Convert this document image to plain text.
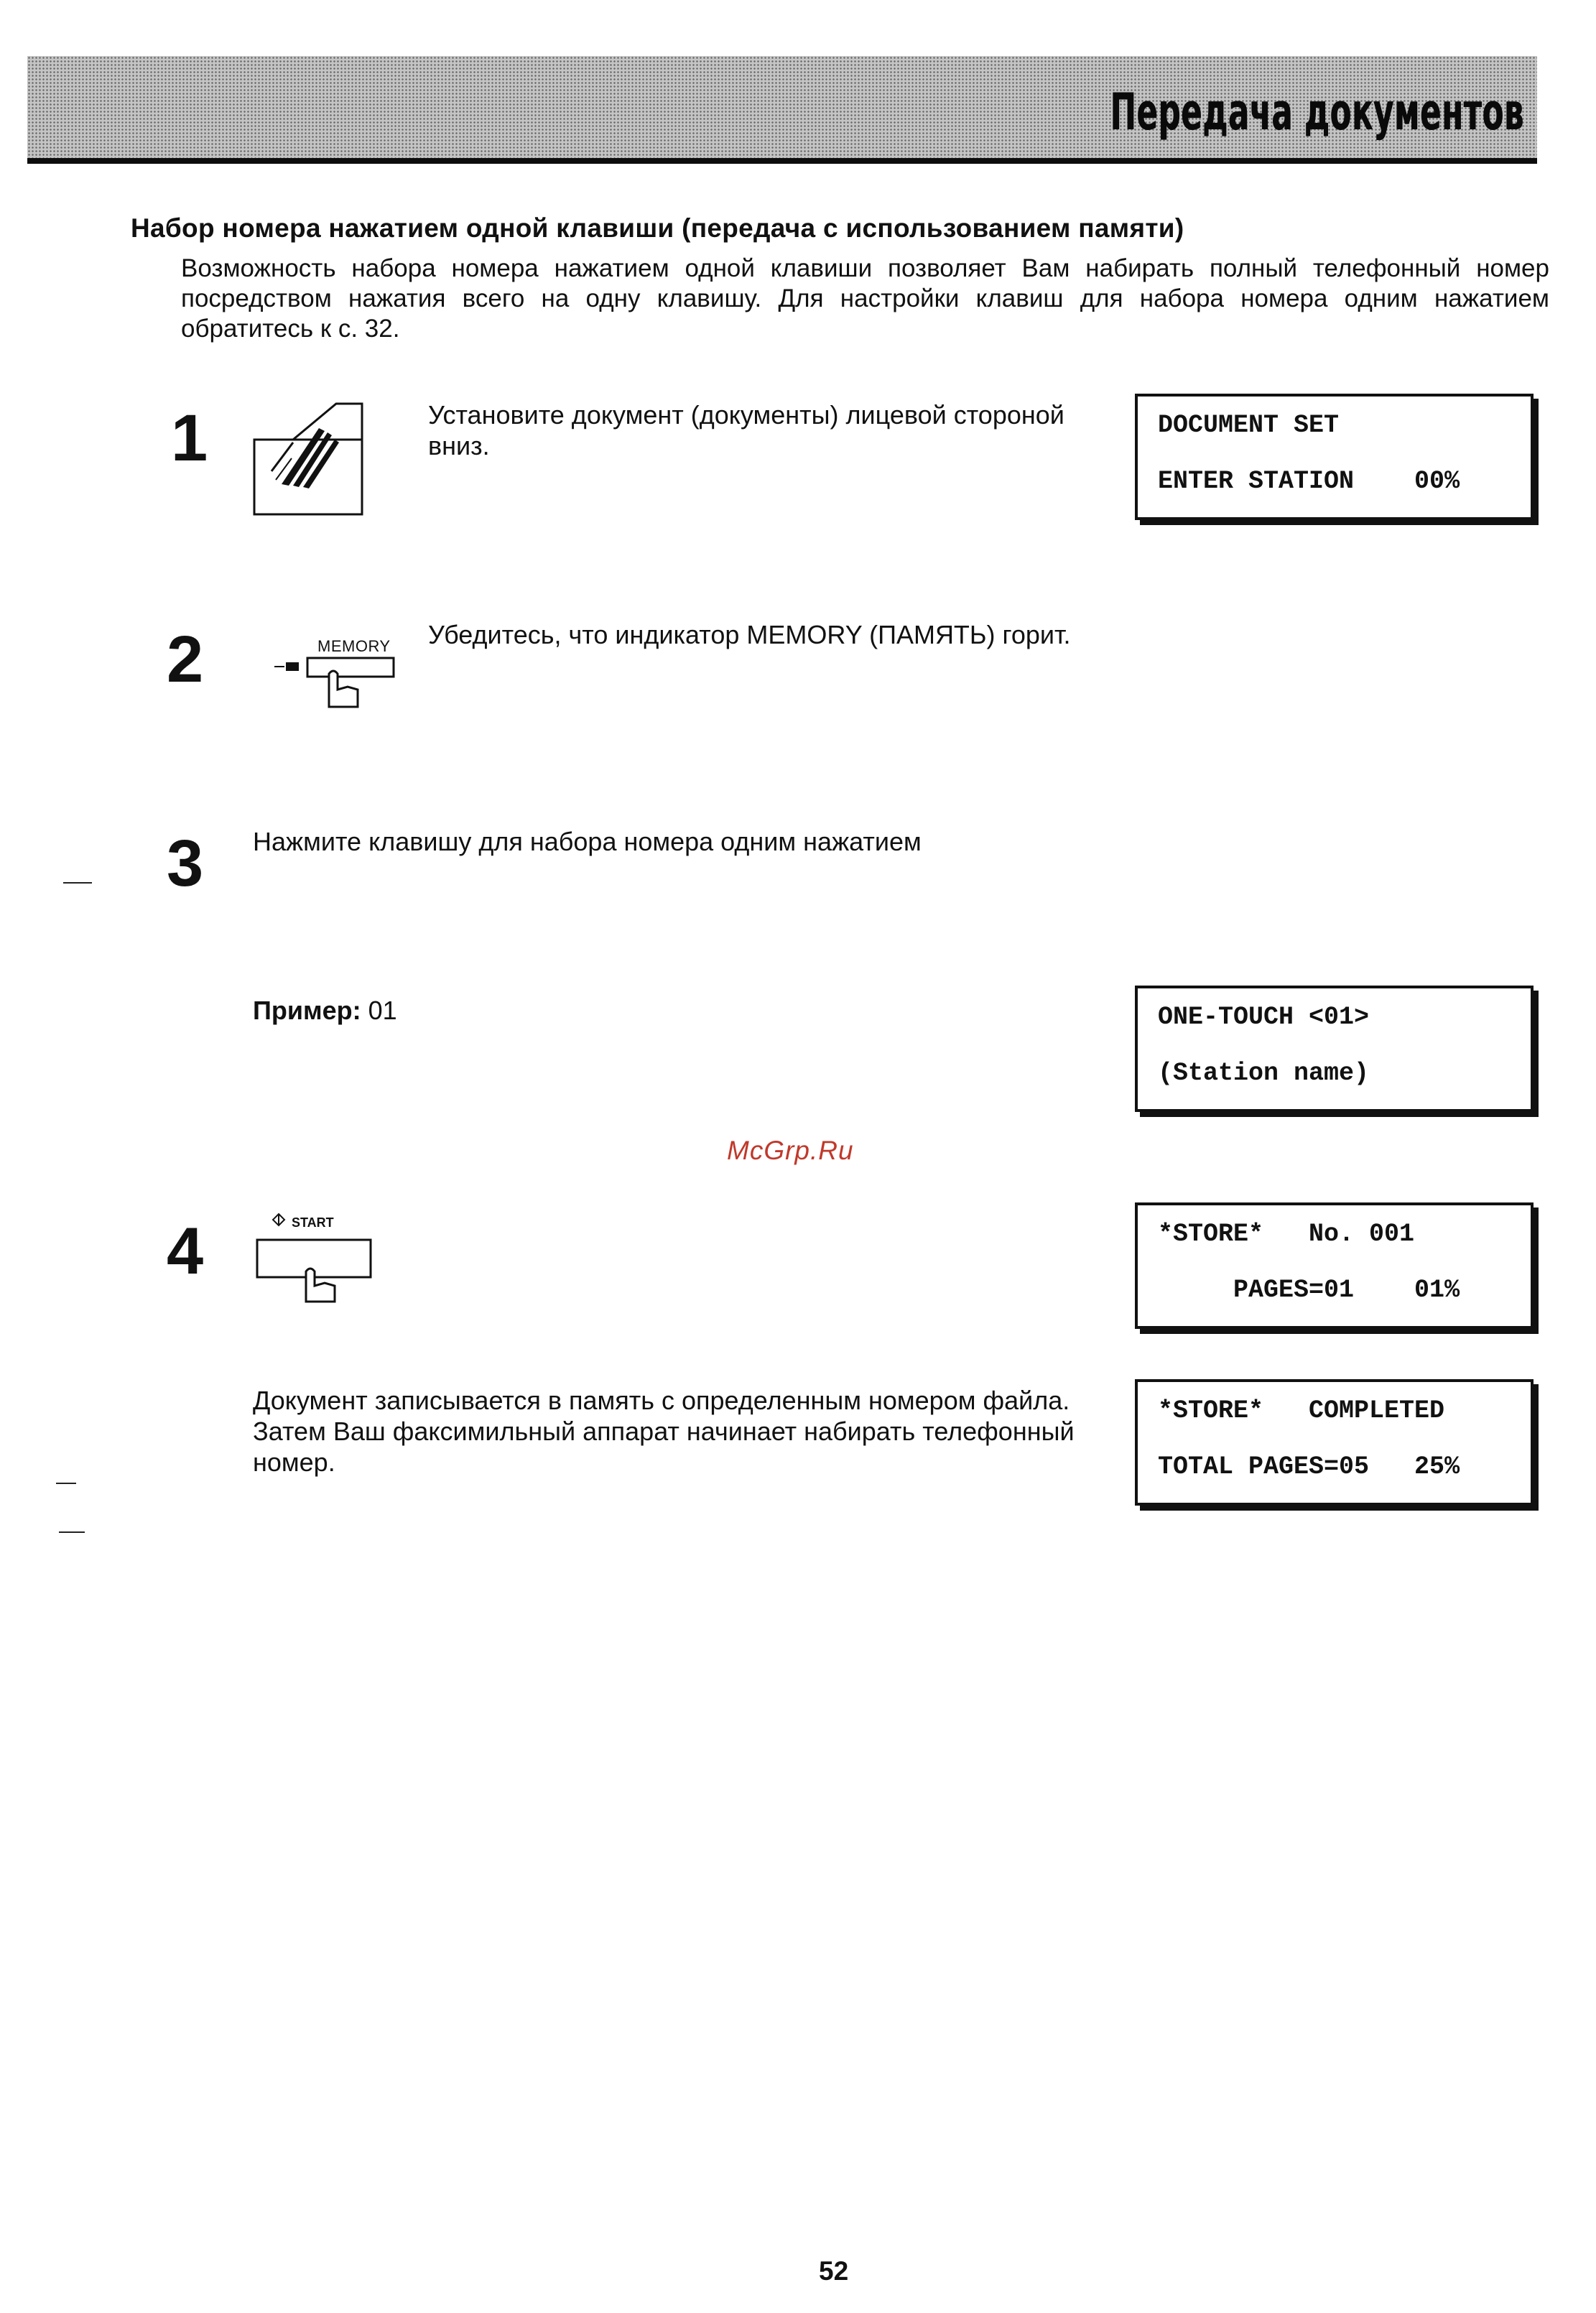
Передача документов
Набор номера нажатием одной клавиши (передача с использованием памяти)
Возможность набора номера нажатием одной клавиши позволяет Вам набирать полный телефонный номер посредством нажатия всего на одну клавишу. Для настройки клавиш для набора номера одним нажатием обратитесь к с. 32.
1	Установите документ (документы) лицевой стороной вниз.
DOCUMENT SET
ENTER STATION    00%
2	MEMORY Убедитесь, что индикатор MEMORY (ПАМЯТЬ) горит.
3 Нажмите клавишу для набора номера одним нажатием
Пример: 01	ONE-TOUCH <01>
(Station name)
McGrp.Ru
4	START	*STORE*   No. 001
PAGES=01    01%
Документ записывается в память с определенным номером файла. Затем Ваш факсимильный аппарат начинает набирать телефонный номер.
*STORE*   COMPLETED
TOTAL PAGES=05   25%
52
